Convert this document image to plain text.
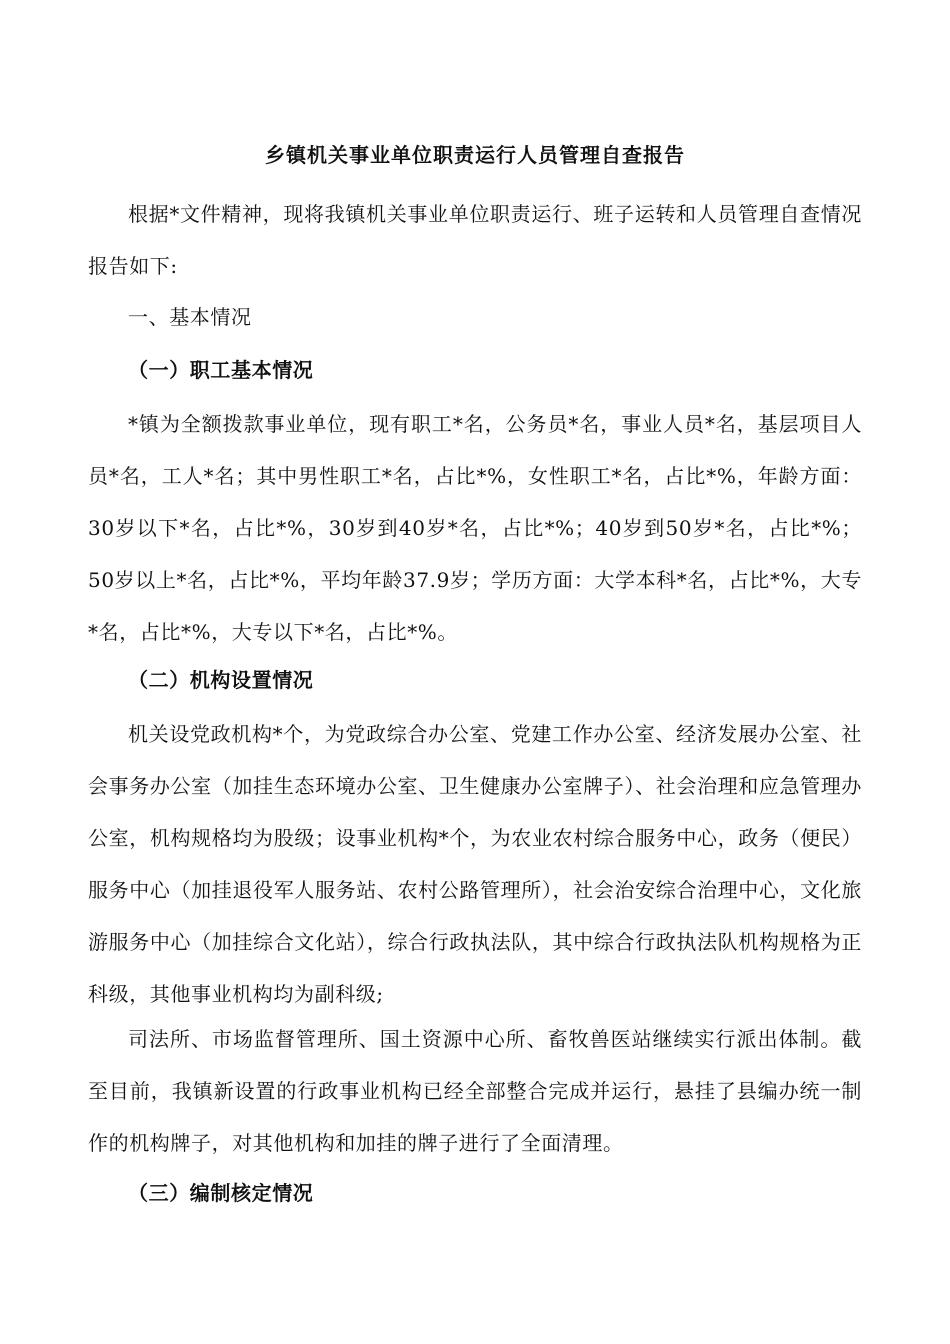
乡镇机关事业单位职责运行人员管理自查报告
根据*文件精神，现将我镇机关事业单位职责运行、班子运转和人员管理自查情况报告如下:
一、基本情况
（一）职工基本情况
*镇为全额拨款事业单位，现有职工*名，公务员*名，事业人员*名，基层项目人员*名，工人*名；其中男性职工*名，占比*%，女性职工*名，占比*%，年龄方面：30岁以下*名，占比*%，30岁到40岁*名，占比*%；40岁到50岁*名，占比*%；50岁以上*名，占比*%，平均年龄37.9岁；学历方面：大学本科*名，占比*%，大专*名，占比*%，大专以下*名，占比*%。
（二）机构设置情况
机关设党政机构*个，为党政综合办公室、党建工作办公室、经济发展办公室、社会事务办公室（加挂生态环境办公室、卫生健康办公室牌子）、社会治理和应急管理办公室，机构规格均为股级；设事业机构*个，为农业农村综合服务中心，政务（便民）服务中心（加挂退役军人服务站、农村公路管理所），社会治安综合治理中心，文化旅游服务中心（加挂综合文化站），综合行政执法队，其中综合行政执法队机构规格为正科级，其他事业机构均为副科级;
司法所、市场监督管理所、国土资源中心所、畜牧兽医站继续实行派出体制。截至目前，我镇新设置的行政事业机构已经全部整合完成并运行，悬挂了县编办统一制作的机构牌子，对其他机构和加挂的牌子进行了全面清理。
（三）编制核定情况
